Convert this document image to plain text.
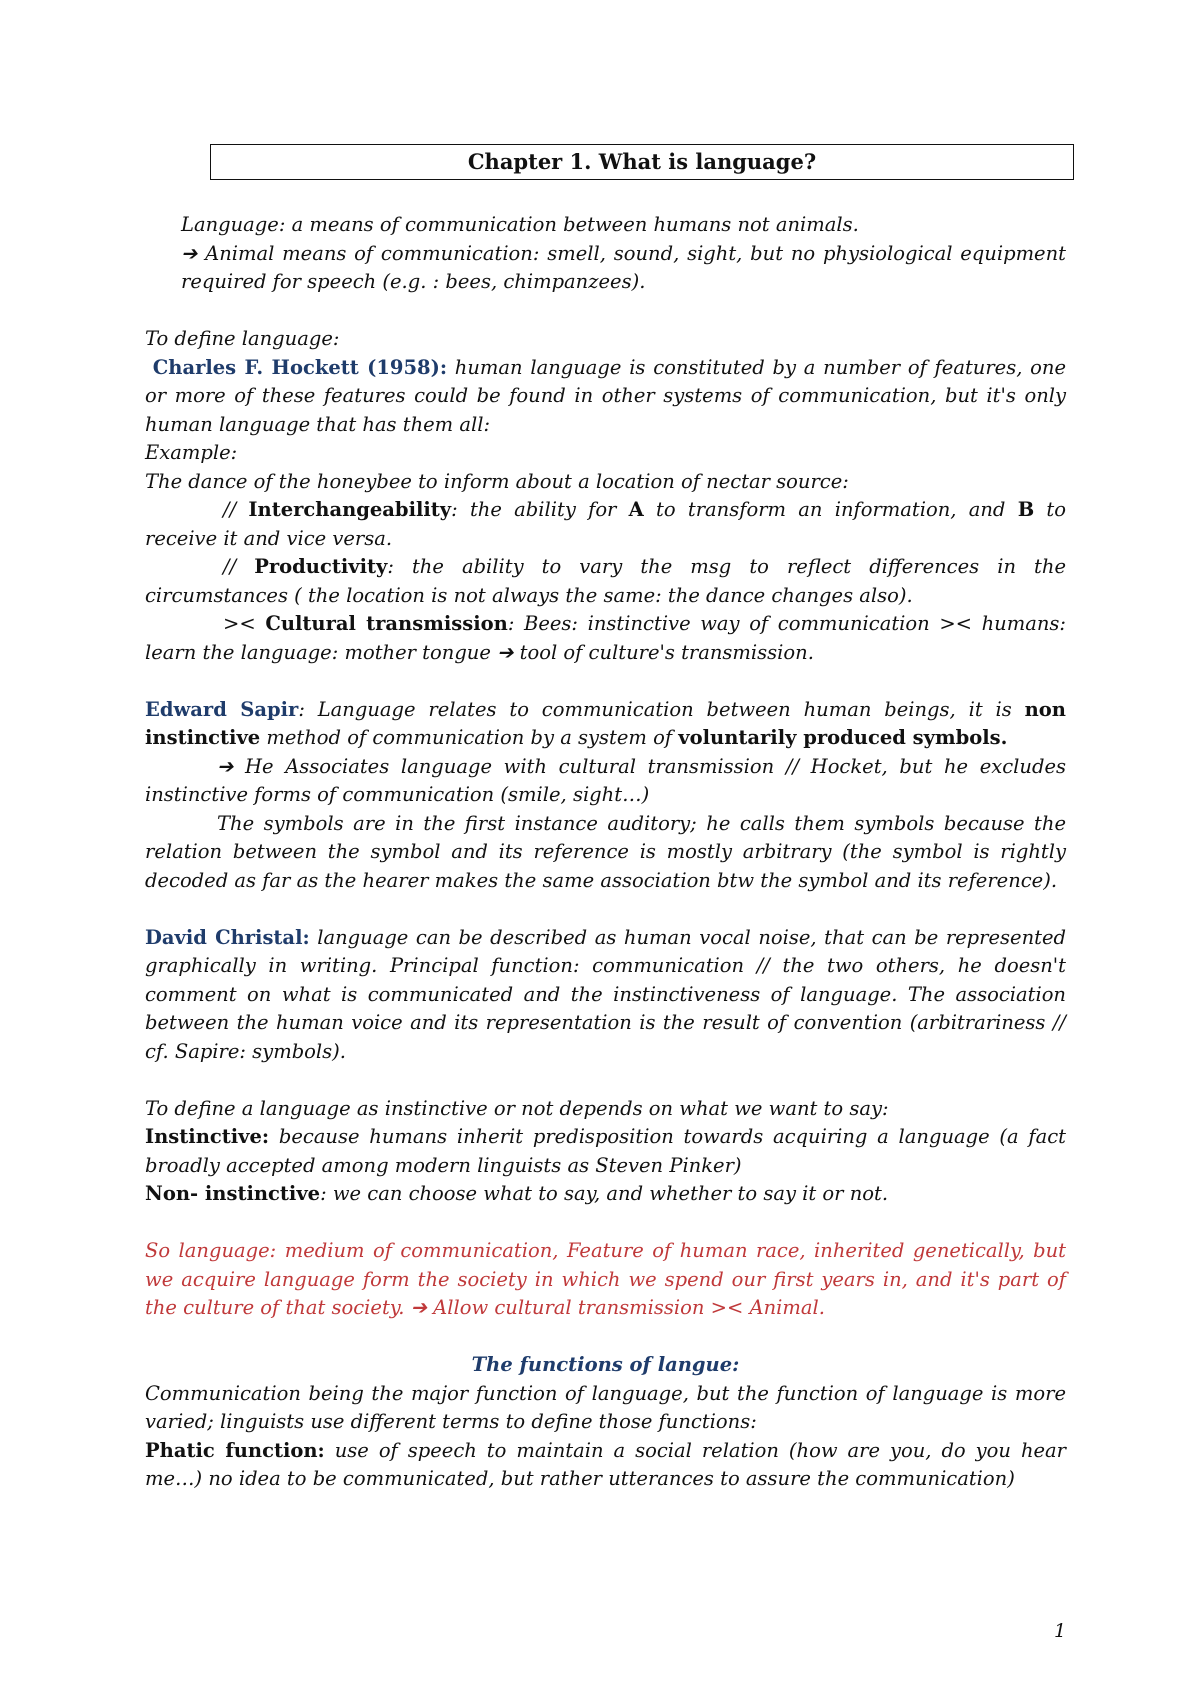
Chapter 1. What is language?

Language: a means of communication between humans not animals.

➔ Animal means of communication: smell, sound, sight, but no physiological equipment required for speech (e.g. : bees, chimpanzees).

To define language:

Charles F. Hockett (1958): human language is constituted by a number of features, one or more of these features could be found in other systems of communication, but it's only human language that has them all:

Example:

The dance of the honeybee to inform about a location of nectar source:

// Interchangeability: the ability for A to transform an information, and B to receive it and vice versa.

// Productivity: the ability to vary the msg to reflect differences in the circumstances ( the location is not always the same: the dance changes also).

>< Cultural transmission: Bees: instinctive way of communication >< humans: learn the language: mother tongue ➔ tool of culture's transmission.

Edward Sapir: Language relates to communication between human beings, it is non instinctive method of communication by a system of voluntarily produced symbols.

➔ He Associates language with cultural transmission // Hocket, but he excludes instinctive forms of communication (smile, sight…)

The symbols are in the first instance auditory; he calls them symbols because the relation between the symbol and its reference is mostly arbitrary (the symbol is rightly decoded as far as the hearer makes the same association btw the symbol and its reference).

David Christal: language can be described as human vocal noise, that can be represented graphically in writing. Principal function: communication // the two others, he doesn't comment on what is communicated and the instinctiveness of language. The association between the human voice and its representation is the result of convention (arbitrariness // cf. Sapire: symbols).

To define a language as instinctive or not depends on what we want to say:

Instinctive: because humans inherit predisposition towards acquiring a language (a fact broadly accepted among modern linguists as Steven Pinker)

Non- instinctive: we can choose what to say, and whether to say it or not.

So language: medium of communication, Feature of human race, inherited genetically, but we acquire language form the society in which we spend our first years in, and it's part of the culture of that society. ➔ Allow cultural transmission >< Animal.

The functions of langue:

Communication being the major function of language, but the function of language is more varied; linguists use different terms to define those functions:

Phatic function: use of speech to maintain a social relation (how are you, do you hear me…) no idea to be communicated, but rather utterances to assure the communication)

1
